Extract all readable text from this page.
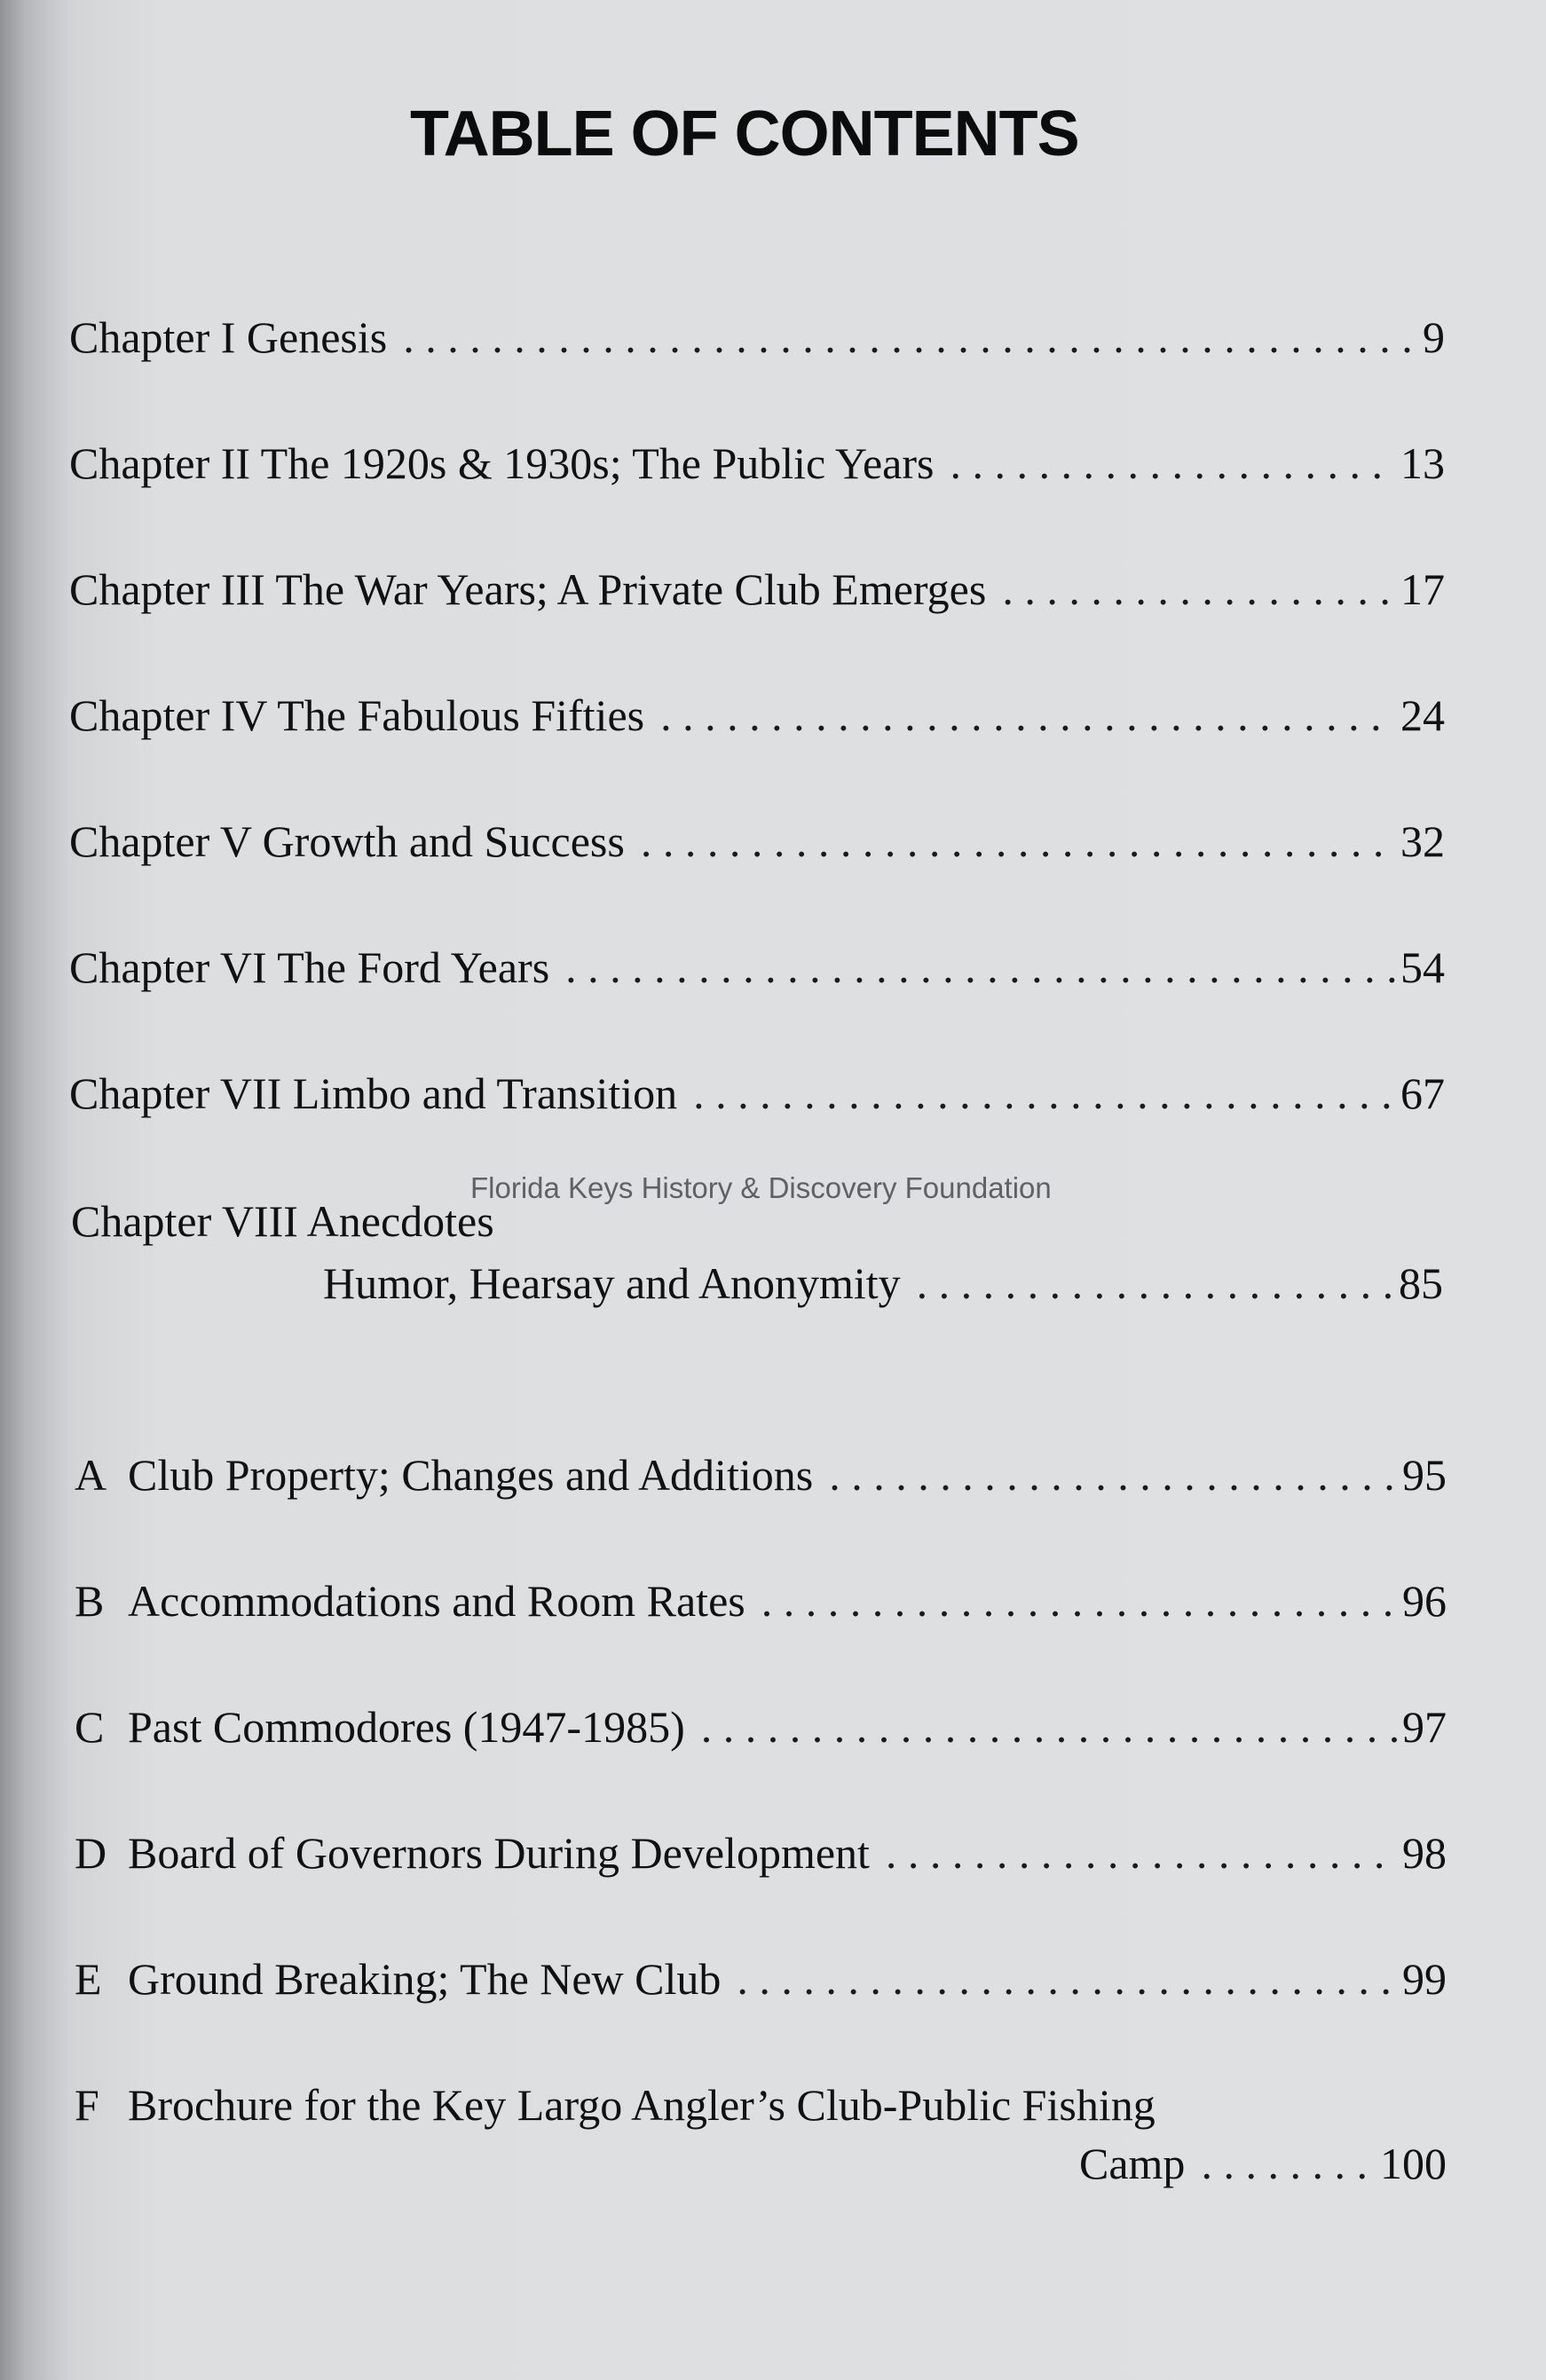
TABLE OF CONTENTS
Florida Keys History & Discovery Foundation
Chapter I Genesis . . .	9
Chapter II The 1920s & 1930s; The Public Years . . .	13
Chapter III The War Years; A Private Club Emerges . . .	17
Chapter IV The Fabulous Fifties . . .	24
Chapter V Growth and Success . . .	32
Chapter VI The Ford Years . . .	54
Chapter VII Limbo and Transition . . .	67
Chapter VIII Anecdotes
Humor, Hearsay and Anonymity . . .	85
A Club Property; Changes and Additions . . .	95
B Accommodations and Room Rates . . .	96
C Past Commodores (1947-1985) . . .	97
D Board of Governors During Development . . .	98
E Ground Breaking; The New Club . . .	99
F Brochure for the Key Largo Angler’s Club-Public Fishing
Camp . . .	100
